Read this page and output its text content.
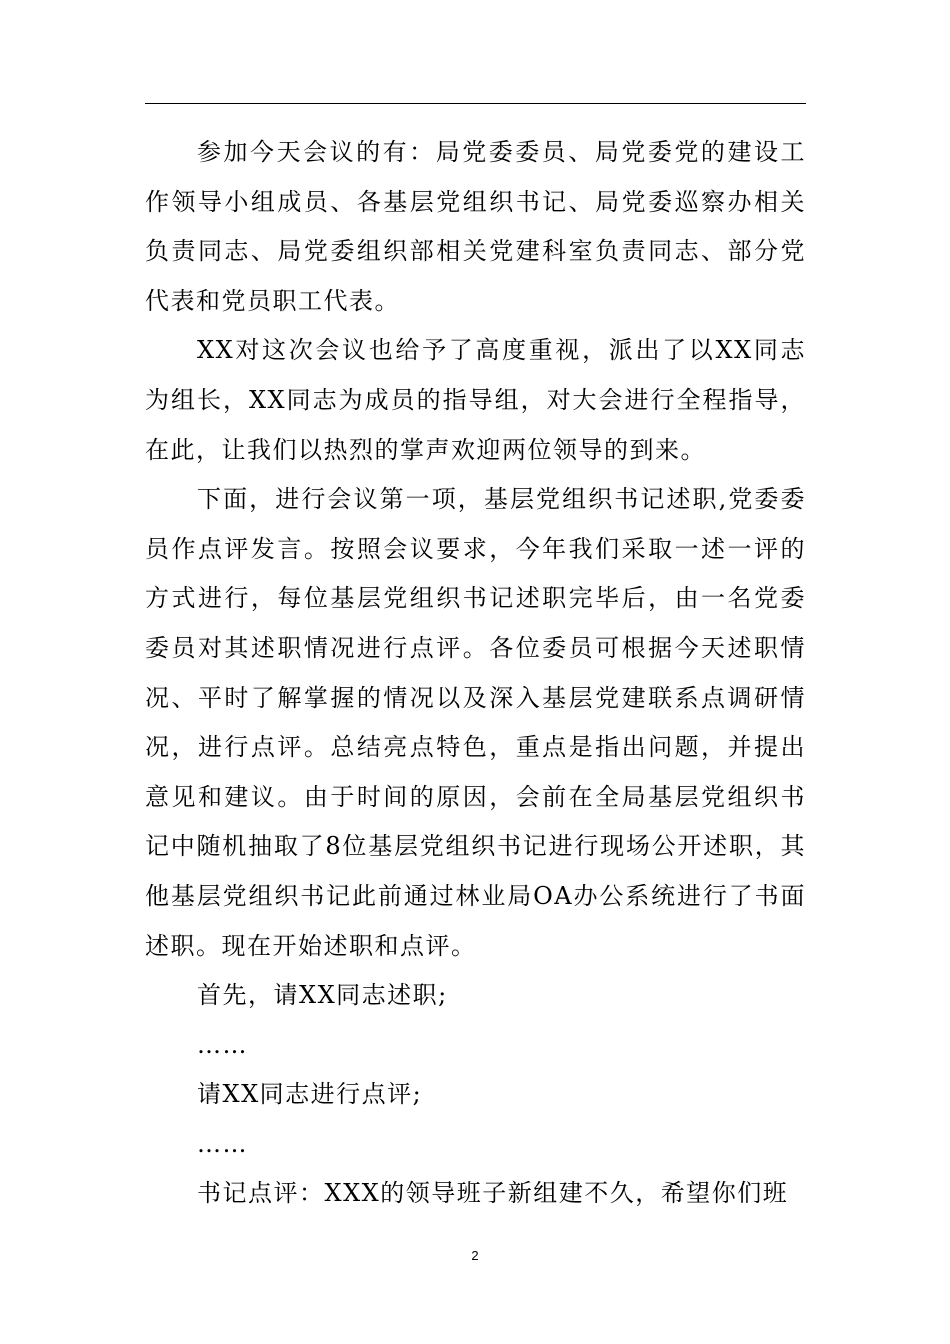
参加今天会议的有：局党委委员、局党委党的建设工作领导小组成员、各基层党组织书记、局党委巡察办相关负责同志、局党委组织部相关党建科室负责同志、部分党代表和党员职工代表。

XX对这次会议也给予了高度重视，派出了以XX同志为组长，XX同志为成员的指导组，对大会进行全程指导，在此，让我们以热烈的掌声欢迎两位领导的到来。

下面，进行会议第一项，基层党组织书记述职,党委委员作点评发言。按照会议要求，今年我们采取一述一评的方式进行，每位基层党组织书记述职完毕后，由一名党委委员对其述职情况进行点评。各位委员可根据今天述职情况、平时了解掌握的情况以及深入基层党建联系点调研情况，进行点评。总结亮点特色，重点是指出问题，并提出意见和建议。由于时间的原因，会前在全局基层党组织书记中随机抽取了8位基层党组织书记进行现场公开述职，其他基层党组织书记此前通过林业局OA办公系统进行了书面述职。现在开始述职和点评。

首先，请XX同志述职;

……

请XX同志进行点评;

……

书记点评：XXX的领导班子新组建不久，希望你们班

2
